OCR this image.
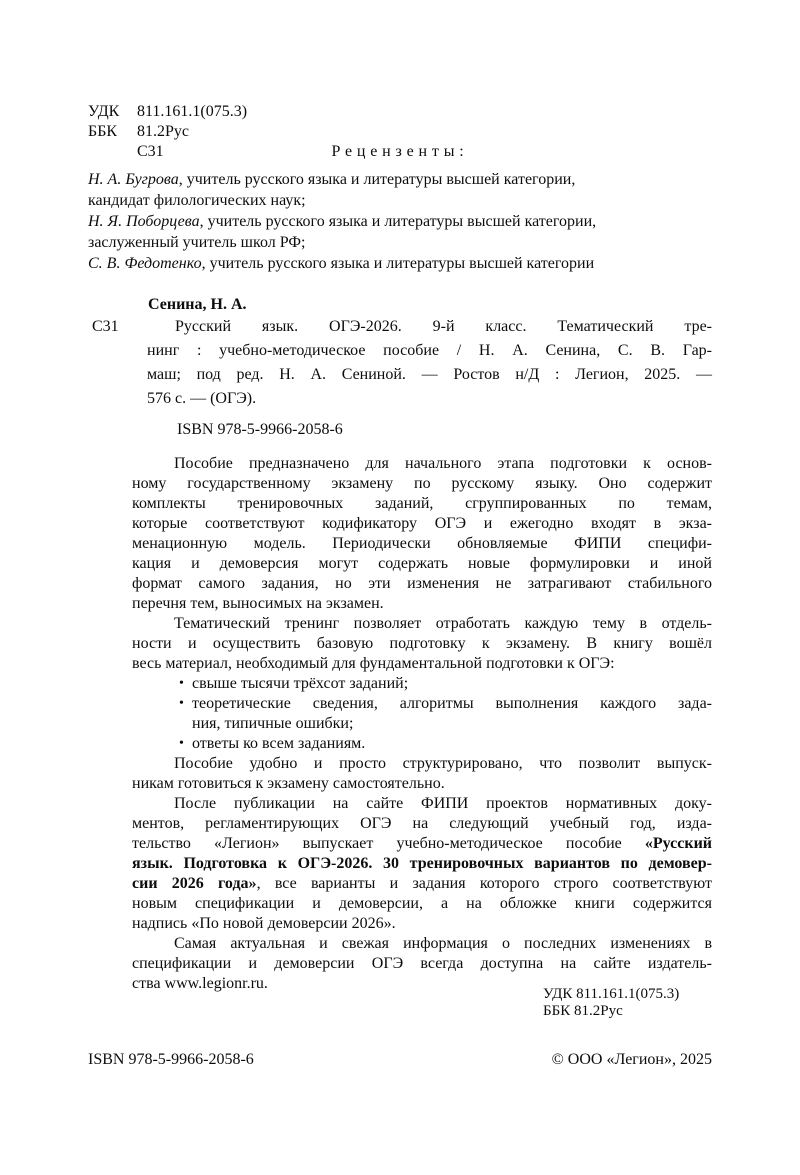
УДК 811.161.1(075.3)
ББК 81.2Рус
С31	Рецензенты:
Н. А. Бугрова, учитель русского языка и литературы высшей категории,
кандидат филологических наук;
Н. Я. Поборцева, учитель русского языка и литературы высшей категории,
заслуженный учитель школ РФ;
С. В. Федотенко, учитель русского языка и литературы высшей категории
Сенина, Н. А.
С31	Русский язык. ОГЭ-2026. 9-й класс. Тематический тре-
нинг : учебно-методическое пособие / Н. А. Сенина, С. В. Гар-
маш; под ред. Н. А. Сениной. — Ростов н/Д : Легион, 2025. —
576 с. — (ОГЭ).
ISBN 978-5-9966-2058-6
Пособие предназначено для начального этапа подготовки к основ-
ному государственному экзамену по русскому языку. Оно содержит
комплекты тренировочных заданий, сгруппированных по темам,
которые соответствуют кодификатору ОГЭ и ежегодно входят в экза-
менационную модель. Периодически обновляемые ФИПИ специфи-
кация и демоверсия могут содержать новые формулировки и иной
формат самого задания, но эти изменения не затрагивают стабильного
перечня тем, выносимых на экзамен.
Тематический тренинг позволяет отработать каждую тему в отдель-
ности и осуществить базовую подготовку к экзамену. В книгу вошёл
весь материал, необходимый для фундаментальной подготовки к ОГЭ:
• свыше тысячи трёхсот заданий;
• теоретические сведения, алгоритмы выполнения каждого зада-
ния, типичные ошибки;
• ответы ко всем заданиям.
Пособие удобно и просто структурировано, что позволит выпуск-
никам готовиться к экзамену самостоятельно.
После публикации на сайте ФИПИ проектов нормативных доку-
ментов, регламентирующих ОГЭ на следующий учебный год, изда-
тельство «Легион» выпускает учебно-методическое пособие «Русский
язык. Подготовка к ОГЭ-2026. 30 тренировочных вариантов по демовер-
сии 2026 года», все варианты и задания которого строго соответствуют
новым спецификации и демоверсии, а на обложке книги содержится
надпись «По новой демоверсии 2026».
Самая актуальная и свежая информация о последних изменениях в
спецификации и демоверсии ОГЭ всегда доступна на сайте издатель-
ства www.legionr.ru.
УДК 811.161.1(075.3)
ББК 81.2Рус
ISBN 978-5-9966-2058-6	© ООО «Легион», 2025
